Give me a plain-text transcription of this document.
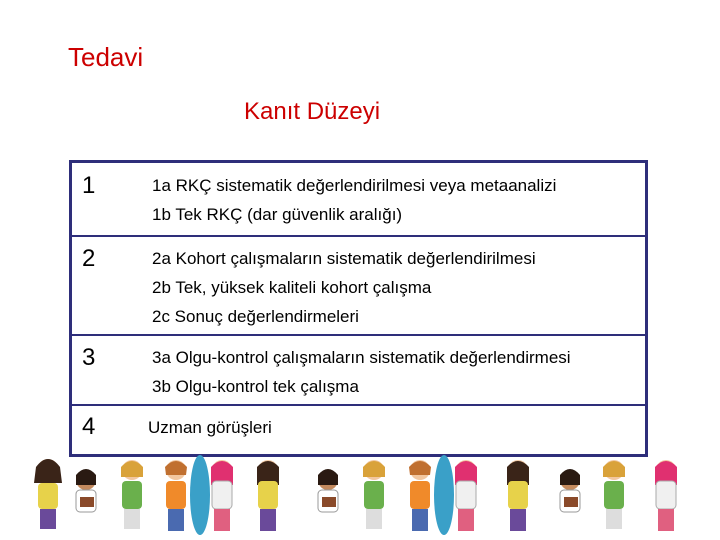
Tedavi
Kanıt Düzeyi
1	1a RKÇ sistematik değerlendirilmesi veya metaanalizi
1b Tek RKÇ (dar güvenlik aralığı)
2	2a Kohort çalışmaların sistematik değerlendirilmesi
2b Tek, yüksek kaliteli kohort çalışma
2c Sonuç değerlendirmeleri
3	3a Olgu-kontrol çalışmaların sistematik değerlendirmesi
3b Olgu-kontrol tek çalışma
4	Uzman görüşleri
